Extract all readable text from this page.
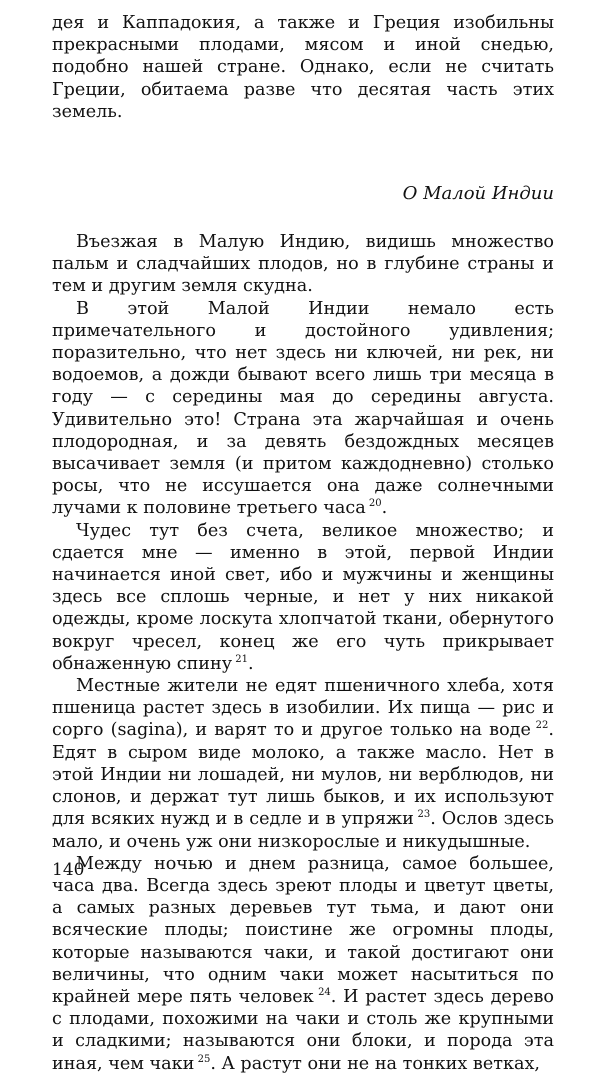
дея и Каппадокия, а также и Греция изобильны прекрасными плодами, мясом и иной снедью, подобно нашей стране. Однако, если не считать Греции, обитаема разве что десятая часть этих земель.

О Малой Индии

Въезжая в Малую Индию, видишь множество пальм и сладчайших плодов, но в глубине страны и тем и другим земля скудна.

В этой Малой Индии немало есть примечательного и достойного удивления; поразительно, что нет здесь ни ключей, ни рек, ни водоемов, а дожди бывают всего лишь три месяца в году — с середины мая до середины августа. Удивительно это! Страна эта жарчайшая и очень плодородная, и за девять бездождных месяцев высачивает земля (и притом каждодневно) столько росы, что не иссушается она даже солнечными лучами к половине третьего часа $^{20}$.

Чудес тут без счета, великое множество; и сдается мне — именно в этой, первой Индии начинается иной свет, ибо и мужчины и женщины здесь все сплошь черные, и нет у них никакой одежды, кроме лоскута хлопчатой ткани, обернутого вокруг чресел, конец же его чуть прикрывает обнаженную спину $^{21}$.

Местные жители не едят пшеничного хлеба, хотя пшеница растет здесь в изобилии. Их пища — рис и сорго (sagina), и варят то и другое только на воде $^{22}$. Едят в сыром виде молоко, а также масло. Нет в этой Индии ни лошадей, ни мулов, ни верблюдов, ни слонов, и держат тут лишь быков, и их используют для всяких нужд и в седле и в упряжи $^{23}$. Ослов здесь мало, и очень уж они низкорослые и никудышные.

Между ночью и днем разница, самое большее, часа два. Всегда здесь зреют плоды и цветут цветы, а самых разных деревьев тут тьма, и дают они всяческие плоды; поистине же огромны плоды, которые называются чаки, и такой достигают они величины, что одним чаки может насытиться по крайней мере пять человек $^{24}$. И растет здесь дерево с плодами, похожими на чаки и столь же крупными и сладкими; называются они блоки, и порода эта иная, чем чаки $^{25}$. А растут они не на тонких ветках,

140
